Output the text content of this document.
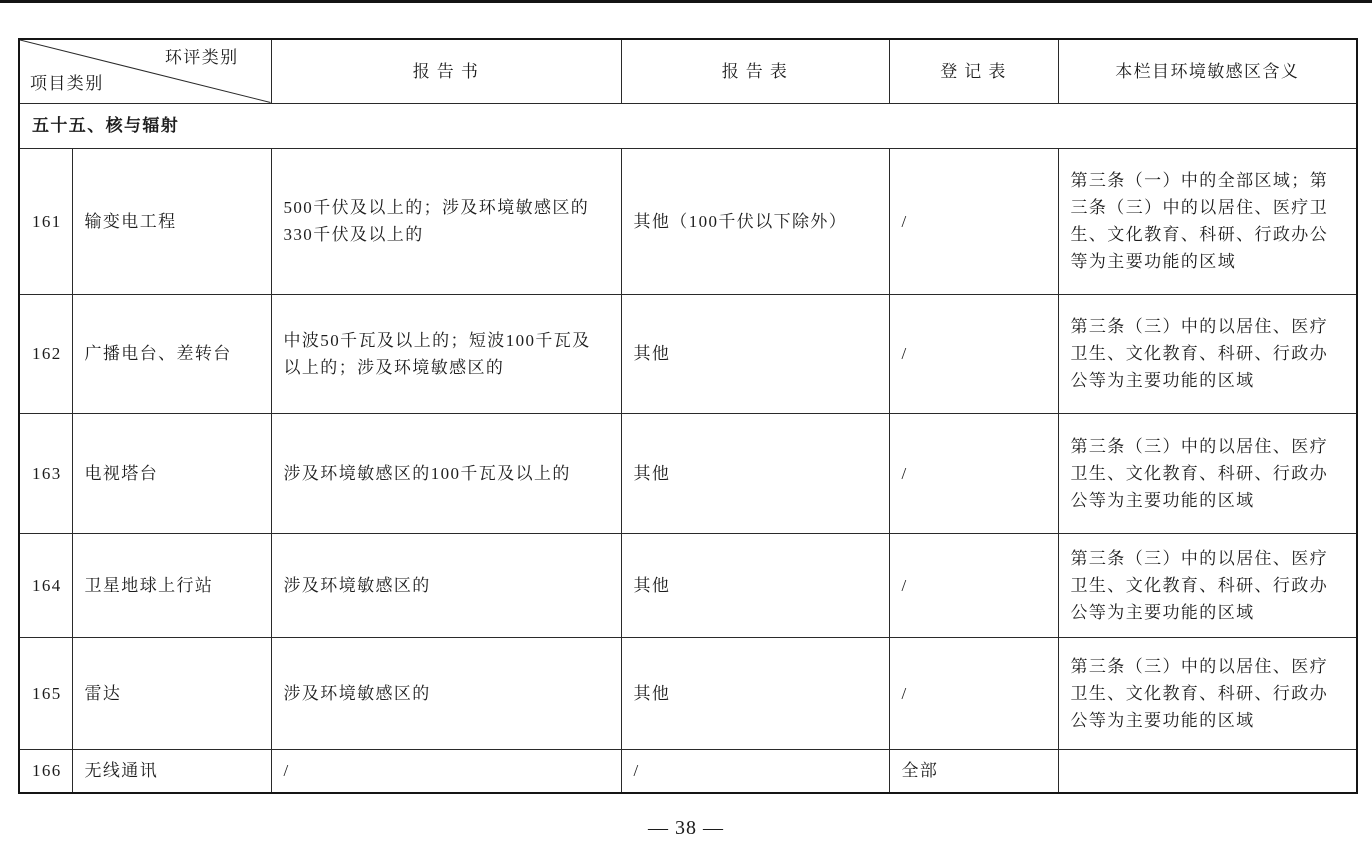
环评类别
项目类别		报 告 书	报 告 表	登 记 表	本栏目环境敏感区含义
五十五、核与辐射					
161	输变电工程	500千伏及以上的；涉及环境敏感区的330千伏及以上的	其他（100千伏以下除外）	/	第三条（一）中的全部区域；第三条（三）中的以居住、医疗卫生、文化教育、科研、行政办公等为主要功能的区域
162	广播电台、差转台	中波50千瓦及以上的；短波100千瓦及以上的；涉及环境敏感区的	其他	/	第三条（三）中的以居住、医疗卫生、文化教育、科研、行政办公等为主要功能的区域
163	电视塔台	涉及环境敏感区的100千瓦及以上的	其他	/	第三条（三）中的以居住、医疗卫生、文化教育、科研、行政办公等为主要功能的区域
164	卫星地球上行站	涉及环境敏感区的	其他	/	第三条（三）中的以居住、医疗卫生、文化教育、科研、行政办公等为主要功能的区域
165	雷达	涉及环境敏感区的	其他	/	第三条（三）中的以居住、医疗卫生、文化教育、科研、行政办公等为主要功能的区域
166	无线通讯	/	/	全部	
— 38 —
